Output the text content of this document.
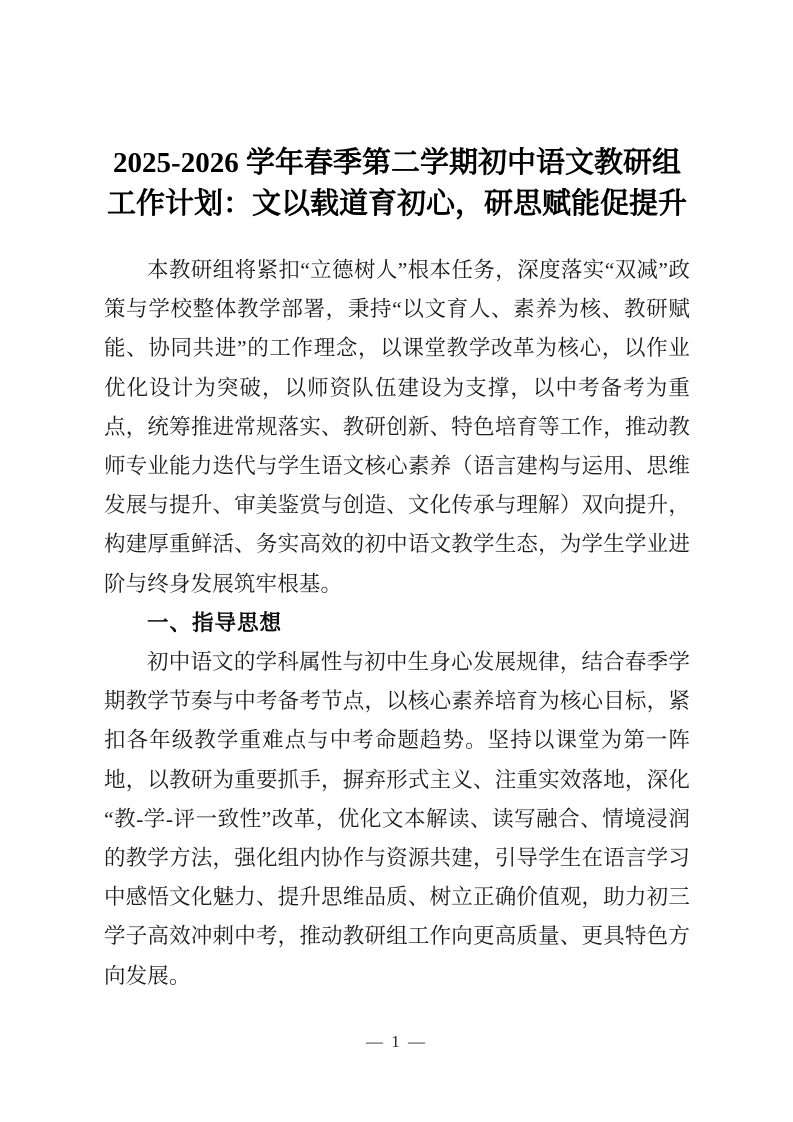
2025-2026 学年春季第二学期初中语文教研组工作计划：文以载道育初心，研思赋能促提升

本教研组将紧扣“立德树人”根本任务，深度落实“双减”政策与学校整体教学部署，秉持“以文育人、素养为核、教研赋能、协同共进”的工作理念，以课堂教学改革为核心，以作业优化设计为突破，以师资队伍建设为支撑，以中考备考为重点，统筹推进常规落实、教研创新、特色培育等工作，推动教师专业能力迭代与学生语文核心素养（语言建构与运用、思维发展与提升、审美鉴赏与创造、文化传承与理解）双向提升，构建厚重鲜活、务实高效的初中语文教学生态，为学生学业进阶与终身发展筑牢根基。

一、指导思想

初中语文的学科属性与初中生身心发展规律，结合春季学期教学节奏与中考备考节点，以核心素养培育为核心目标，紧扣各年级教学重难点与中考命题趋势。坚持以课堂为第一阵地，以教研为重要抓手，摒弃形式主义、注重实效落地，深化“教-学-评一致性”改革，优化文本解读、读写融合、情境浸润的教学方法，强化组内协作与资源共建，引导学生在语言学习中感悟文化魅力、提升思维品质、树立正确价值观，助力初三学子高效冲刺中考，推动教研组工作向更高质量、更具特色方向发展。

— 1 —
